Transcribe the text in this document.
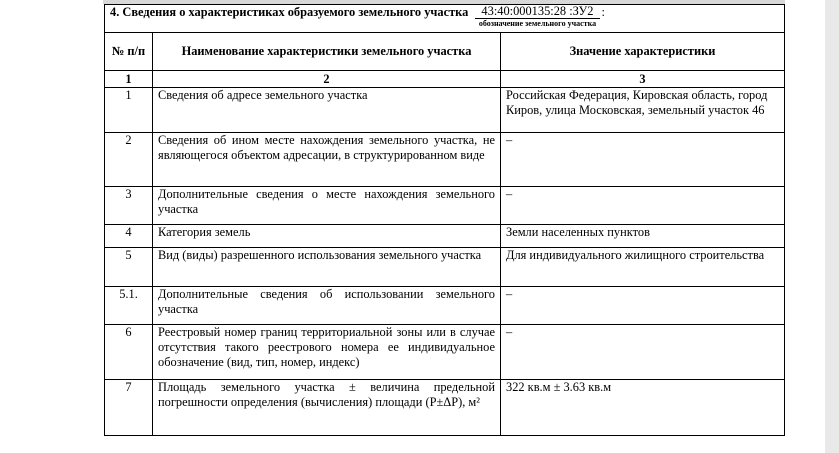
4. Сведения о характеристиках образуемого земельного участка 43:40:000135:28 :ЗУ2
обозначение земельного участка
:		
№ п/п	Наименование характеристики земельного участка	Значение характеристики
1	2	3
1	Сведения об адресе земельного участка	Российская Федерация, Кировская область, город Киров, улица Московская, земельный участок 46
2	Сведения об ином месте нахождения земельного участка, не являющегося объектом адресации, в структурированном виде	–
3	Дополнительные сведения о месте нахождения земельного участка	–
4	Категория земель	Земли населенных пунктов
5	Вид (виды) разрешенного использования земельного участка	Для индивидуального жилищного строительства
5.1.	Дополнительные сведения об использовании земельного участка	–
6	Реестровый номер границ территориальной зоны или в случае отсутствия такого реестрового номера ее индивидуальное обозначение (вид, тип, номер, индекс)	–
7	Площадь земельного участка ± величина предельной погрешности определения (вычисления) площади (P±ΔP), м²	322 кв.м ± 3.63 кв.м
